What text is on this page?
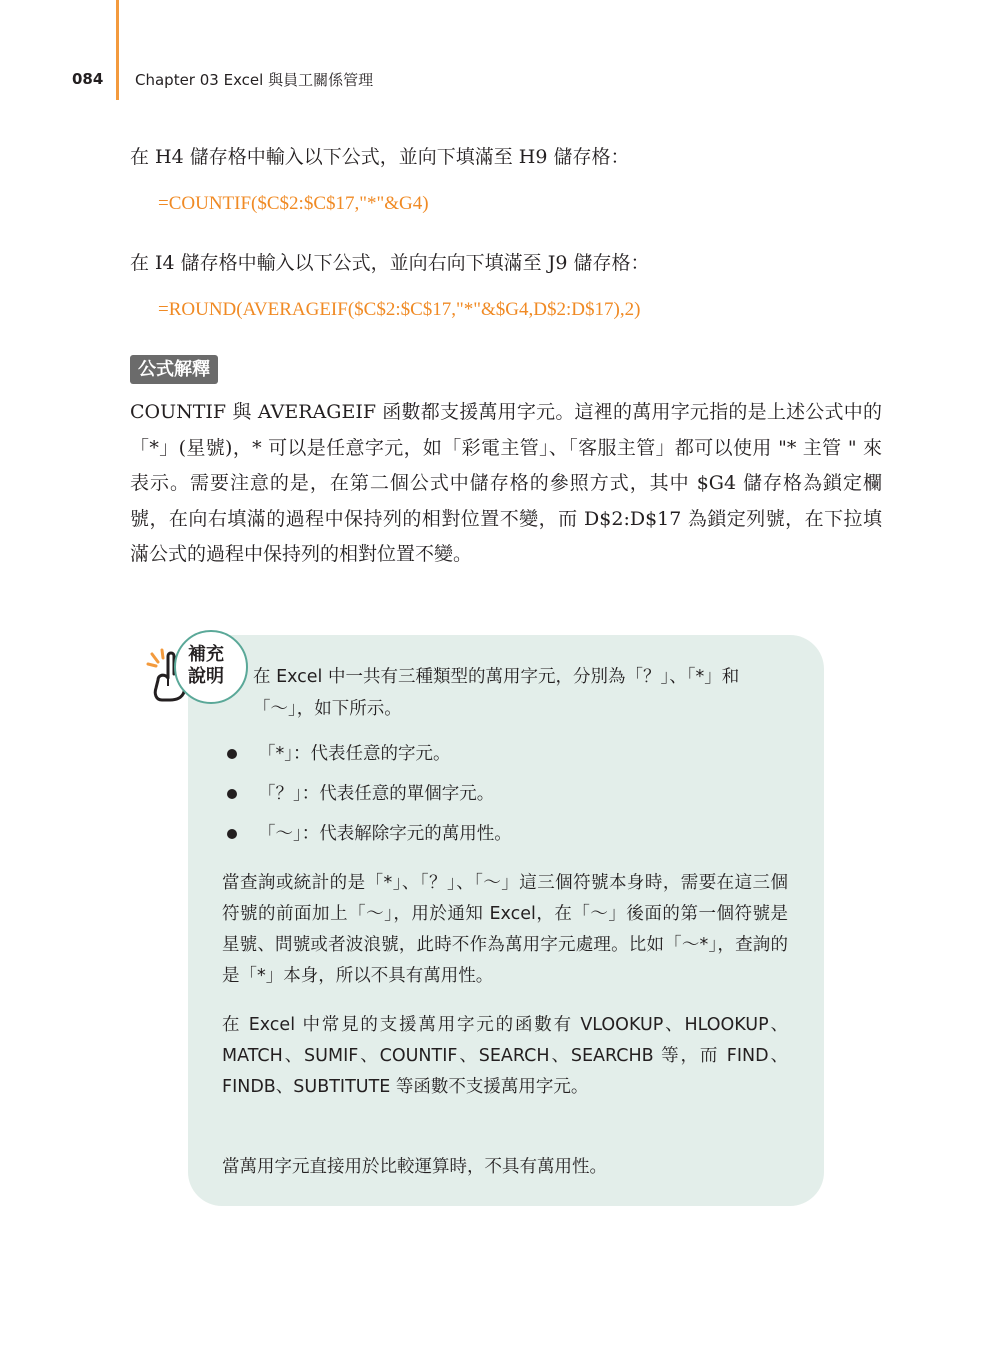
084 Chapter 03 Excel 與員工關係管理
在 H4 儲存格中輸入以下公式，並向下填滿至 H9 儲存格：
=COUNTIF($C$2:$C$17,"*"&G4)
在 I4 儲存格中輸入以下公式，並向右向下填滿至 J9 儲存格：
=ROUND(AVERAGEIF($C$2:$C$17,"*"&$G4,D$2:D$17),2)
公式解釋
COUNTIF 與 AVERAGEIF 函數都支援萬用字元。這裡的萬用字元指的是上述公式中的「*」(星號)，* 可以是任意字元，如「彩電主管」、「客服主管」都可以使用 "* 主管 " 來表示。需要注意的是，在第二個公式中儲存格的參照方式，其中 $G4 儲存格為鎖定欄號，在向右填滿的過程中保持列的相對位置不變，而 D$2:D$17 為鎖定列號，在下拉填滿公式的過程中保持列的相對位置不變。
補充
說明 在 Excel 中一共有三種類型的萬用字元，分別為「？」、「*」和「～」，如下所示。
「*」：代表任意的字元。
「？」：代表任意的單個字元。
「～」：代表解除字元的萬用性。
當查詢或統計的是「*」、「？」、「～」這三個符號本身時，需要在這三個符號的前面加上「～」，用於通知 Excel，在「～」後面的第一個符號是星號、問號或者波浪號，此時不作為萬用字元處理。比如「～*」，查詢的是「*」本身，所以不具有萬用性。
在 Excel 中常見的支援萬用字元的函數有 VLOOKUP、HLOOKUP、MATCH、SUMIF、COUNTIF、SEARCH、SEARCHB 等，而 FIND、FINDB、SUBTITUTE 等函數不支援萬用字元。
當萬用字元直接用於比較運算時，不具有萬用性。
